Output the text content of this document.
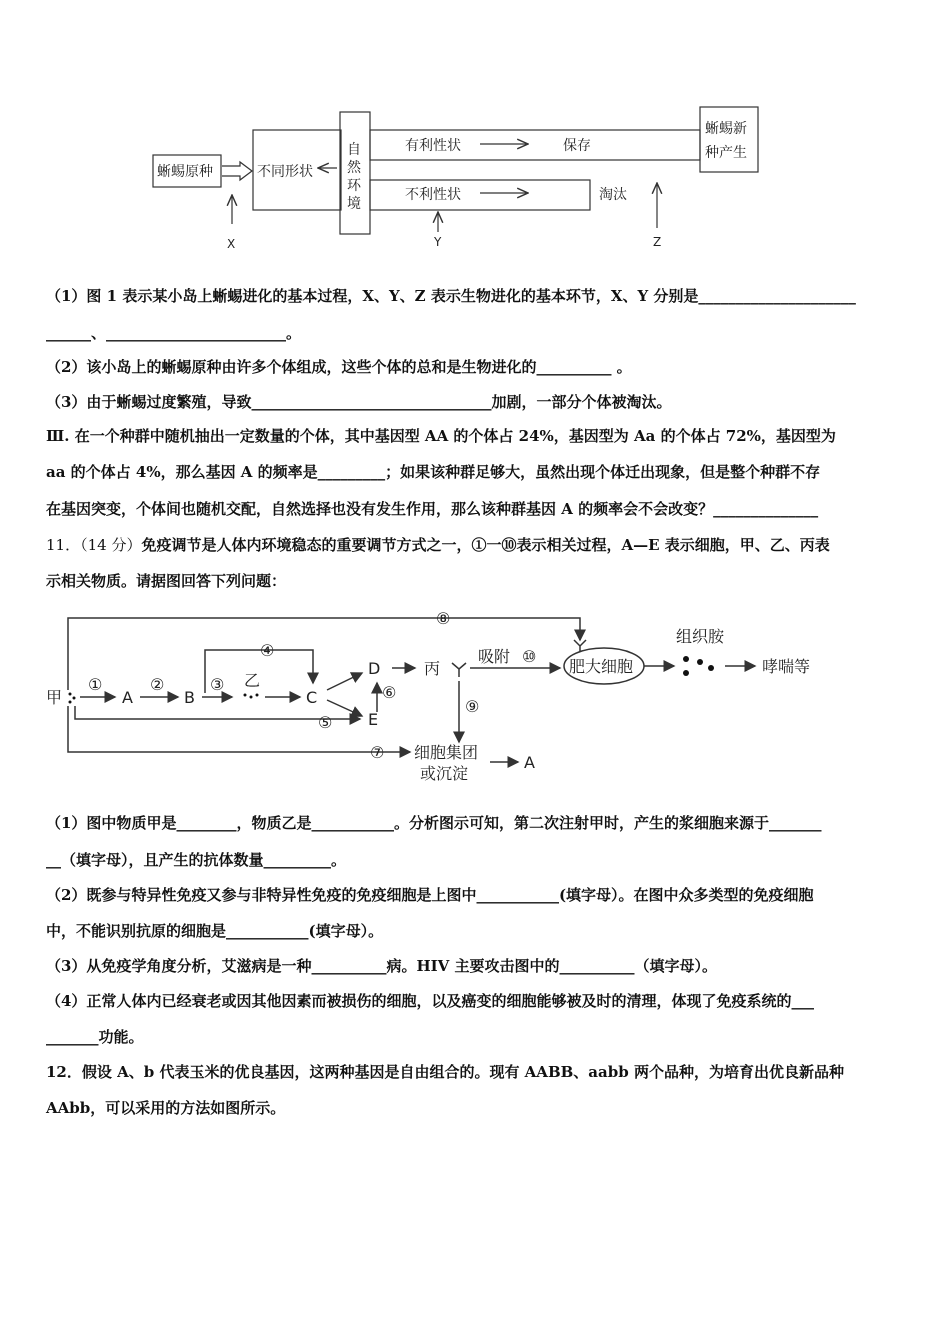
蜥蜴原种	不同形状
自
然
环
境
有利性状	保存
不利性状	淘汰
蜥蜴新
种产生
X	Y	Z
（1）图 1 表示某小岛上蜥蜴进化的基本过程，X、Y、Z 表示生物进化的基本环节，X、Y 分别是_____________________
______、________________________。
（2）该小岛上的蜥蜴原种由许多个体组成，这些个体的总和是生物进化的__________ 。
（3）由于蜥蜴过度繁殖，导致________________________________加剧，一部分个体被淘汰。
Ⅲ. 在一个种群中随机抽出一定数量的个体，其中基因型 AA 的个体占 24%，基因型为 Aa 的个体占 72%，基因型为
aa 的个体占 4%，那么基因 A 的频率是_________；如果该种群足够大，虽然出现个体迁出现象，但是整个种群不存
在基因突变，个体间也随机交配，自然选择也没有发生作用，那么该种群基因 A 的频率会不会改变？______________
11．（14 分）免疫调节是人体内环境稳态的重要调节方式之一，①一⑩表示相关过程，A—E 表示细胞，甲、乙、丙表
示相关物质。请据图回答下列问题：
甲	A	B
乙
C
D
E
丙
①	②	③
④
⑤
⑥
⑦
⑧
⑨
⑩
吸附
肥大细胞
组织胺
哮喘等
细胞集团
或沉淀
A
（1）图中物质甲是________，物质乙是___________。分析图示可知，第二次注射甲时，产生的浆细胞来源于_______
__（填字母），且产生的抗体数量_________。
（2）既参与特异性免疫又参与非特异性免疫的免疫细胞是上图中___________(填字母）。在图中众多类型的免疫细胞
中，不能识别抗原的细胞是___________(填字母）。
（3）从免疫学角度分析，艾滋病是一种__________病。HIV 主要攻击图中的__________（填字母）。
（4）正常人体内已经衰老或因其他因素而被损伤的细胞，以及癌变的细胞能够被及时的清理，体现了免疫系统的___
_______功能。
12．假设 A、b 代表玉米的优良基因，这两种基因是自由组合的。现有 AABB、aabb 两个品种，为培育出优良新品种
AAbb，可以采用的方法如图所示。
